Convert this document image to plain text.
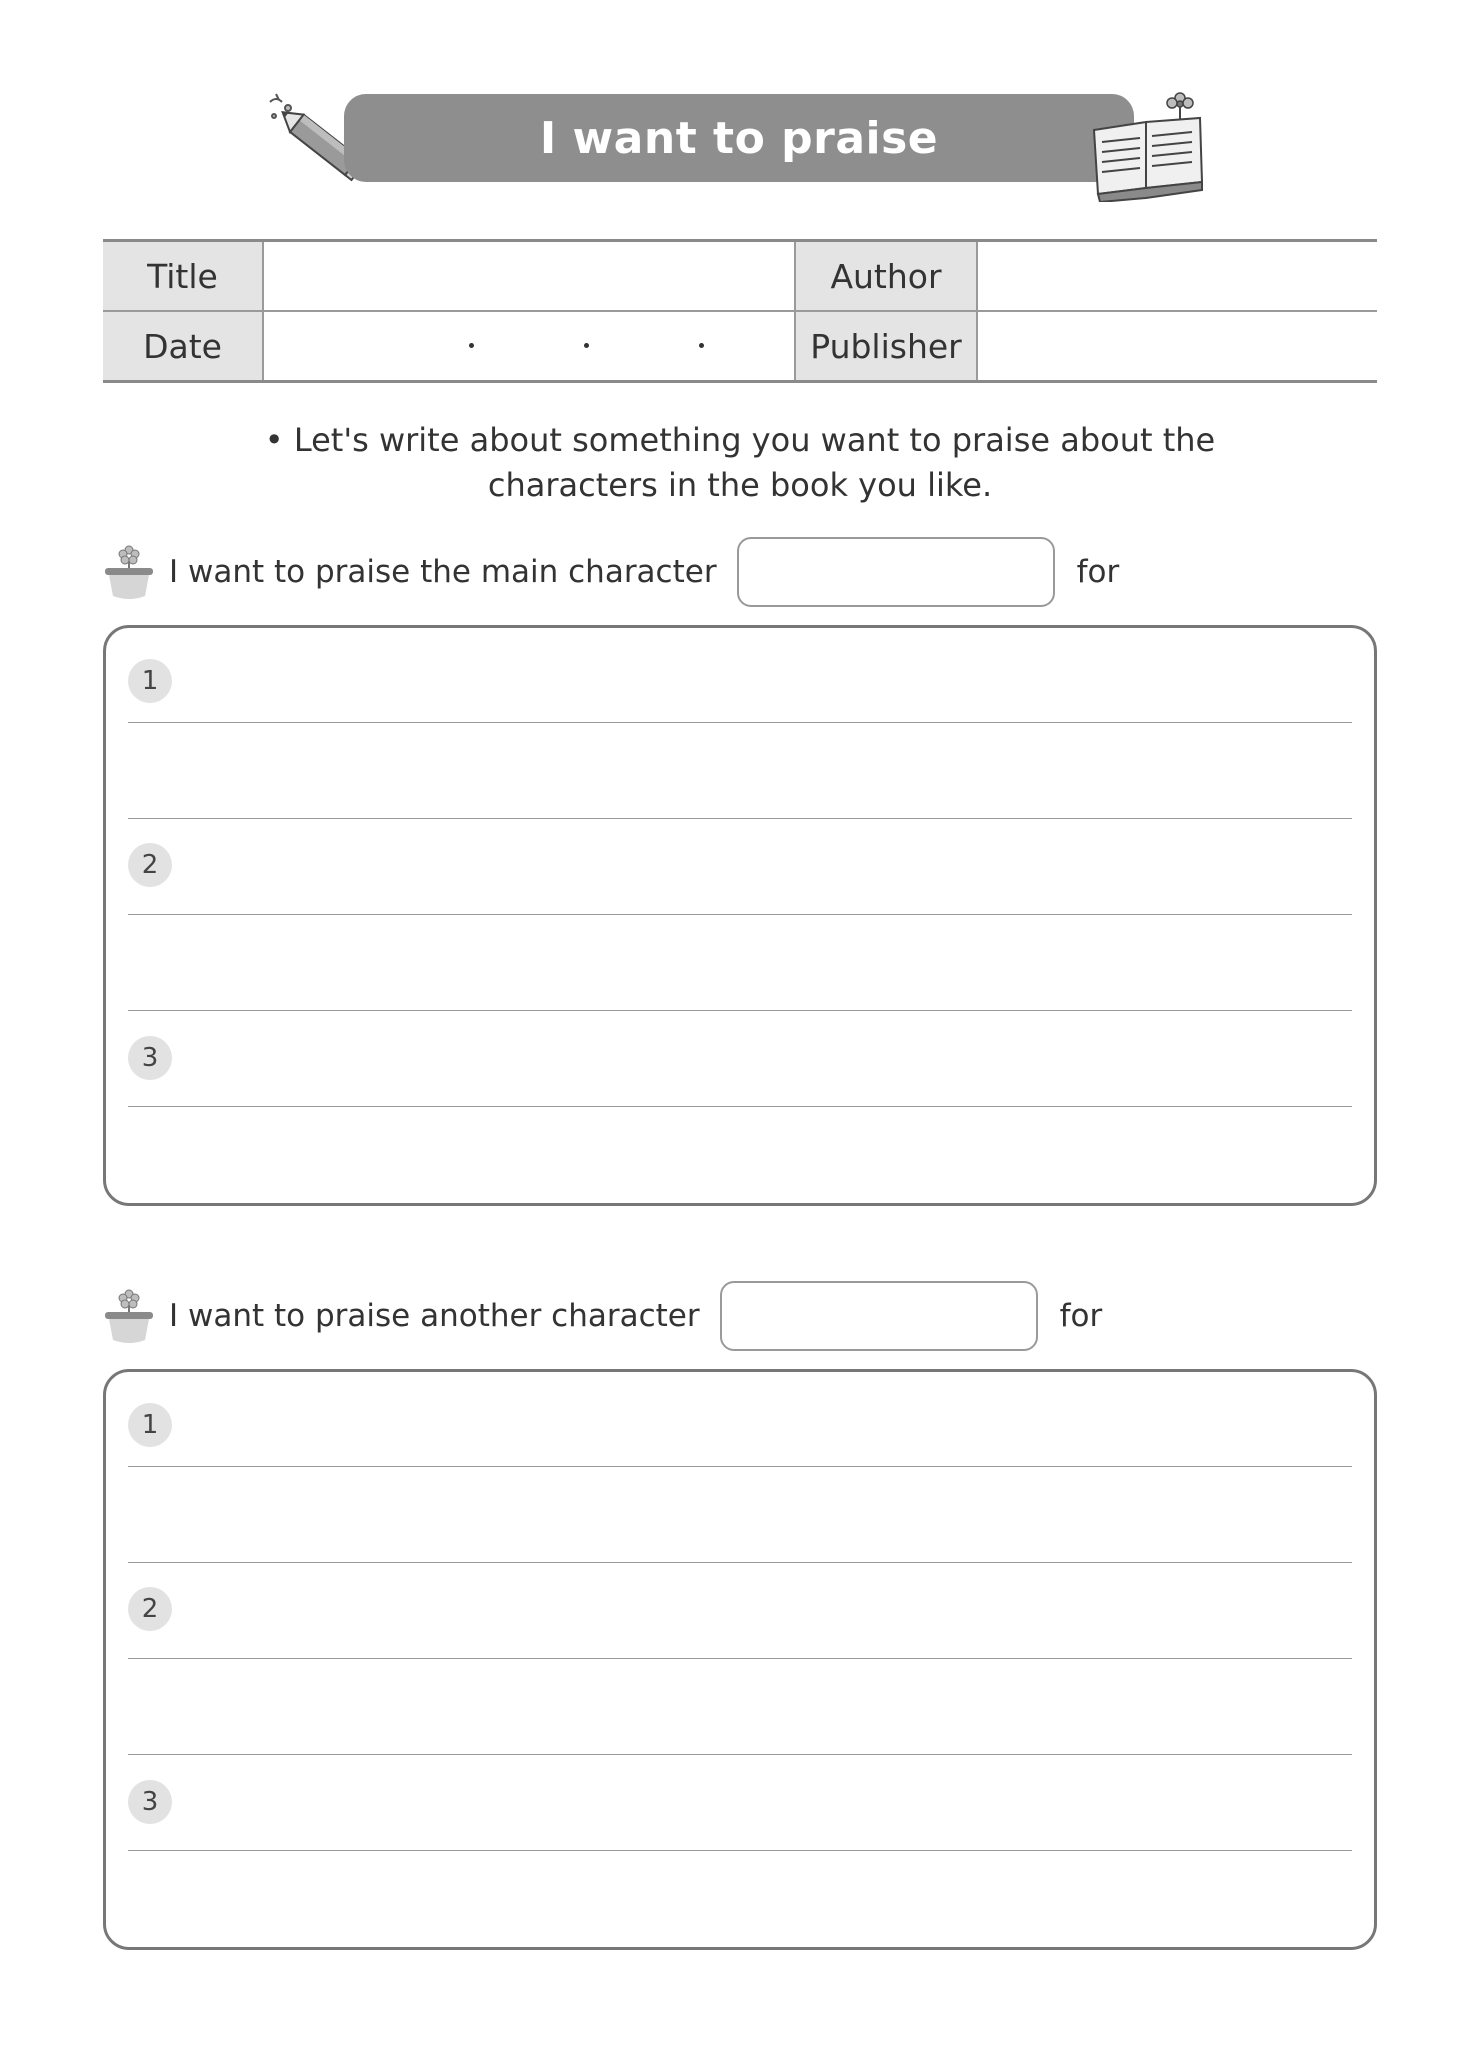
I want to praise
Title		Author	
Date		Publisher	
• Let's write about something you want to praise about the
characters in the book you like.
I want to praise the main character	for
1
2
3
I want to praise another character	for
1
2
3
